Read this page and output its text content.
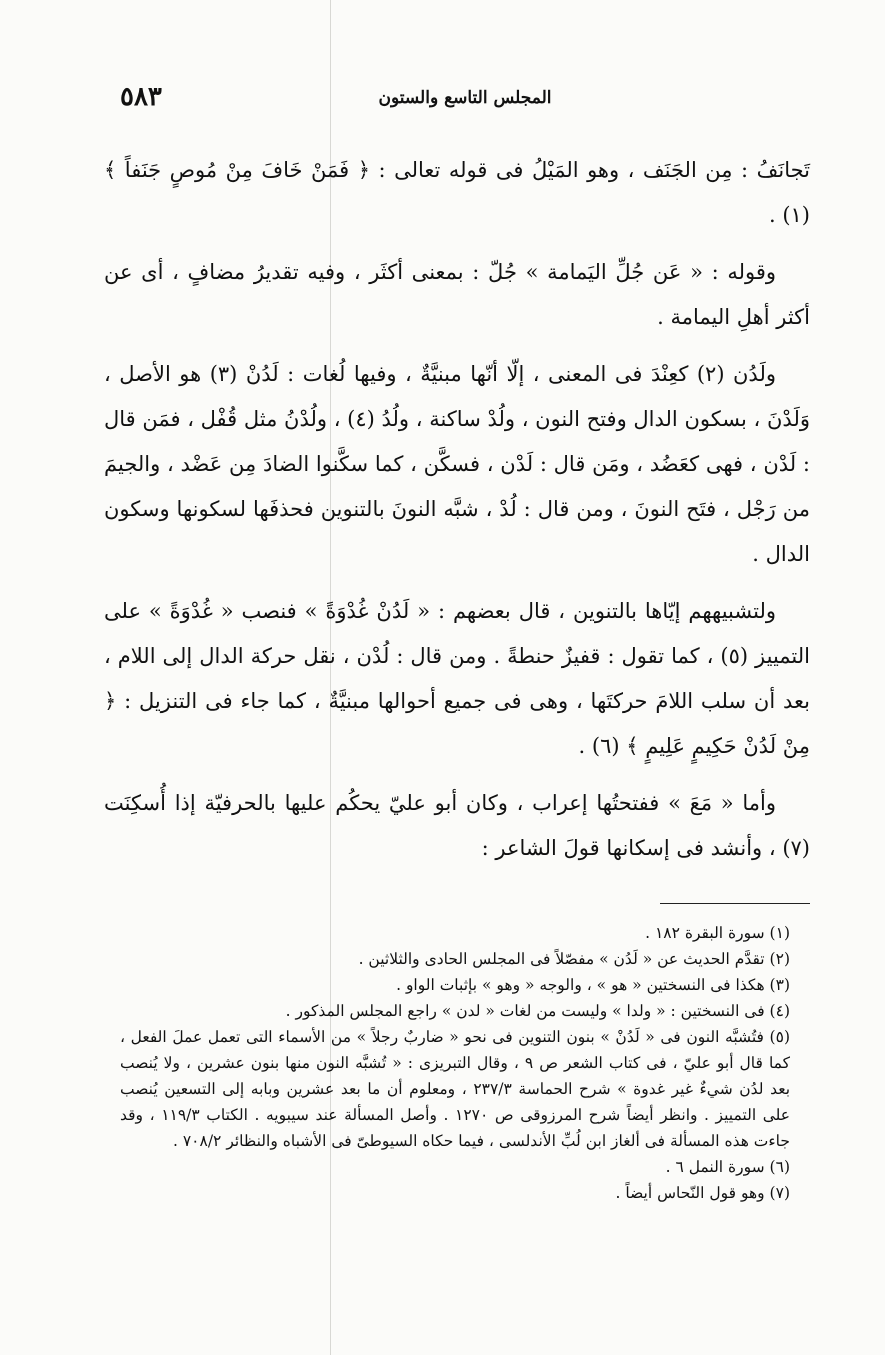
٥٨٣	المجلس التاسع والستون

تَجانَفُ : مِن الجَنَف ، وهو المَيْلُ فى قوله تعالى : ﴿ فَمَنْ خَافَ مِنْ مُوصٍ جَنَفاً ﴾ (١) .

وقوله : « عَن جُلِّ اليَمامة » جُلّ : بمعنى أكثَر ، وفيه تقديرُ مضافٍ ، أى عن أكثر أهلِ اليمامة .

ولَدُن (٢) كعِنْدَ فى المعنى ، إلّا أنّها مبنيَّةٌ ، وفيها لُغات : لَدُنْ (٣) هو الأصل ، وَلَدْنَ ، بسكون الدال وفتح النون ، ولُدْ ساكنة ، ولُدُ (٤) ، ولُدْنُ مثل قُفْل ، فمَن قال : لَدْن ، فهى كعَضُد ، ومَن قال : لَدْن ، فسكَّن ، كما سكَّنوا الضادَ مِن عَضْد ، والجيمَ من رَجْل ، فتَح النونَ ، ومن قال : لُدْ ، شبَّه النونَ بالتنوين فحذفَها لسكونها وسكون الدال .

ولتشبيههم إيّاها بالتنوين ، قال بعضهم : « لَدُنْ غُدْوَةً » فنصب « غُدْوَةً » على التمييز (٥) ، كما تقول : قفيزٌ حنطةً . ومن قال : لُدْن ، نقل حركة الدال إلى اللام ، بعد أن سلب اللامَ حركتَها ، وهى فى جميع أحوالها مبنيَّةٌ ، كما جاء فى التنزيل : ﴿ مِنْ لَدُنْ حَكِيمٍ عَلِيمٍ ﴾ (٦) .

وأما « مَعَ » ففتحتُها إعراب ، وكان أبو عليّ يحكُم عليها بالحرفيّة إذا أُسكِنَت (٧) ، وأنشد فى إسكانها قولَ الشاعر :

(١) سورة البقرة ١٨٢ .

(٢) تقدَّم الحديث عن « لَدُن » مفصّلاً فى المجلس الحادى والثلاثين .

(٣) هكذا فى النسختين « هو » ، والوجه « وهو » بإثبات الواو .

(٤) فى النسختين : « ولدا » وليست من لغات « لدن » راجع المجلس المذكور .

(٥) فتُشبَّه النون فى « لَدُنْ » بنون التنوين فى نحو « ضاربٌ رجلاً » من الأسماء التى تعمل عملَ الفعل ، كما قال أبو عليّ ، فى كتاب الشعر ص ٩ ، وقال التبريزى : « تُشبَّه النون منها بنون عشرين ، ولا يُنصب بعد لدُن شيءٌ غير غدوة » شرح الحماسة ٢٣٧/٣ ، ومعلوم أن ما بعد عشرين وبابه إلى التسعين يُنصب على التمييز . وانظر أيضاً شرح المرزوقى ص ١٢٧٠ . وأصل المسألة عند سيبويه . الكتاب ١١٩/٣ ، وقد جاءت هذه المسألة فى ألغاز ابن لُبِّ الأندلسى ، فيما حكاه السيوطىّ فى الأشباه والنظائر ٧٠٨/٢ .

(٦) سورة النمل ٦ .

(٧) وهو قول النّحاس أيضاً .
